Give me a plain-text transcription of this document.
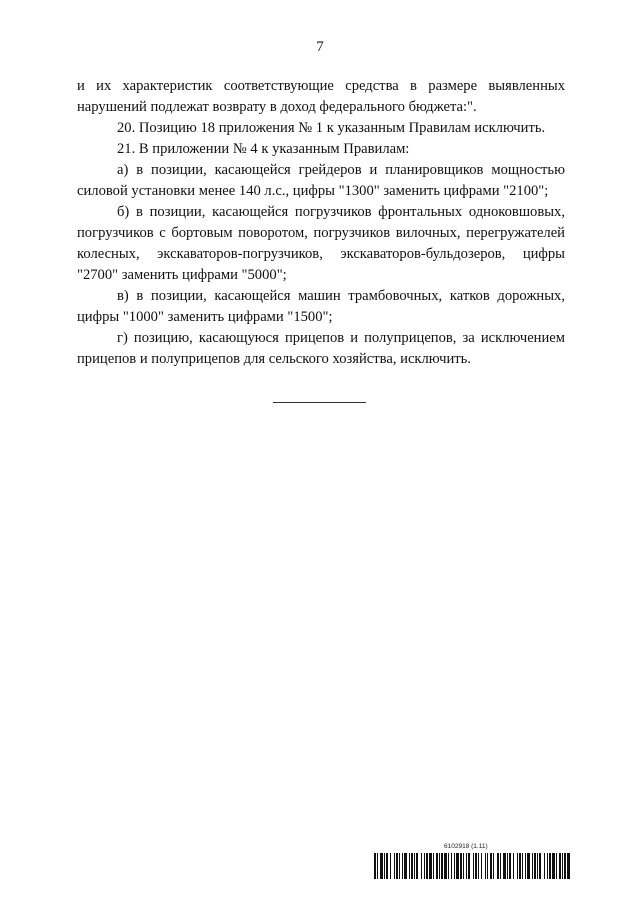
7

и их характеристик соответствующие средства в размере выявленных нарушений подлежат возврату в доход федерального бюджета:".

20. Позицию 18 приложения № 1 к указанным Правилам исключить.

21. В приложении № 4 к указанным Правилам:

а) в позиции, касающейся грейдеров и планировщиков мощностью силовой установки менее 140 л.с., цифры "1300" заменить цифрами "2100";

б) в позиции, касающейся погрузчиков фронтальных одноковшовых, погрузчиков с бортовым поворотом, погрузчиков вилочных, перегружателей колесных, экскаваторов-погрузчиков, экскаваторов-бульдозеров, цифры "2700" заменить цифрами "5000";

в) в позиции, касающейся машин трамбовочных, катков дорожных, цифры "1000" заменить цифрами "1500";

г) позицию, касающуюся прицепов и полуприцепов, за исключением прицепов и полуприцепов для сельского хозяйства, исключить.

6102918 (1.11)
